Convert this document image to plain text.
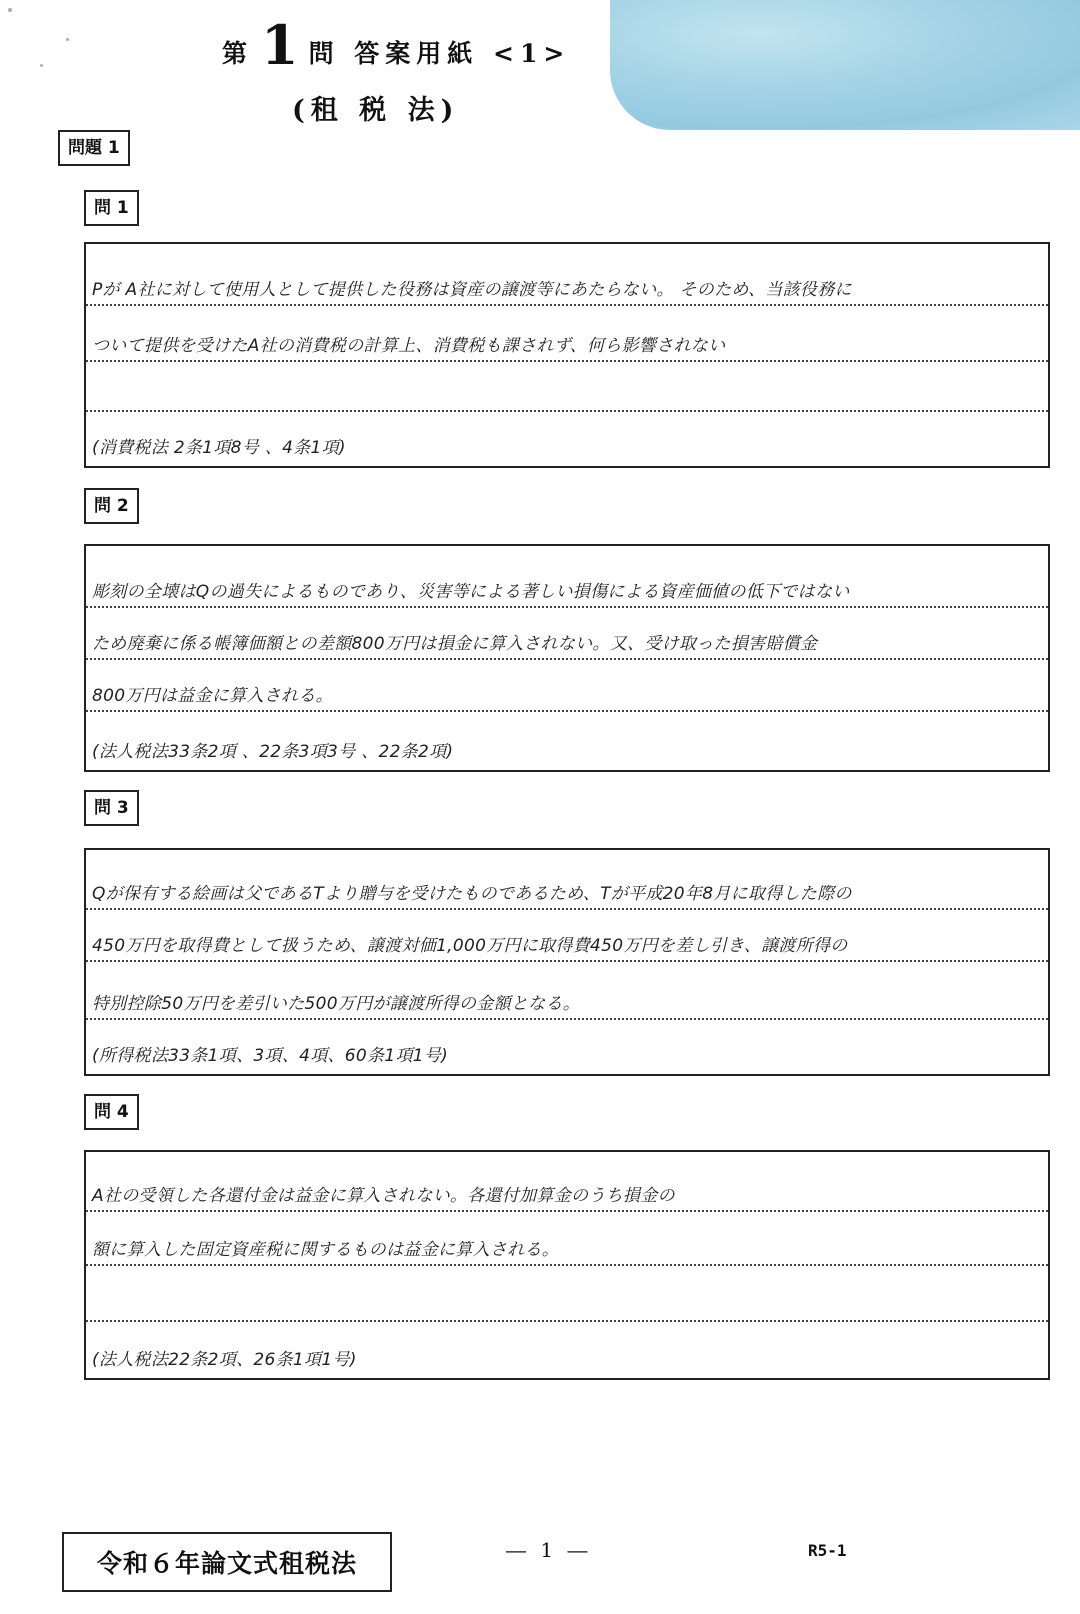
第 1 問 答案用紙 <1>
(租 税 法)
問題 1
問 1
Pが A社に対して使用人として提供した役務は資産の譲渡等にあたらない。 そのため、当該役務に
ついて提供を受けたA社の消費税の計算上、消費税も課されず、何ら影響されない
(消費税法 2条1項8号 、4条1項)
問 2
彫刻の全壊はQの過失によるものであり、災害等による著しい損傷による資産価値の低下ではない
ため廃棄に係る帳簿価額との差額800万円は損金に算入されない。又、受け取った損害賠償金
800万円は益金に算入される。
(法人税法33条2項 、22条3項3号 、22条2項)
問 3
Qが保有する絵画は父であるTより贈与を受けたものであるため、Tが平成20年8月に取得した際の
450万円を取得費として扱うため、譲渡対価1,000万円に取得費450万円を差し引き、譲渡所得の
特別控除50万円を差引いた500万円が譲渡所得の金額となる。
(所得税法33条1項、3項、4項、60条1項1号)
問 4
A社の受領した各還付金は益金に算入されない。各還付加算金のうち損金の
額に算入した固定資産税に関するものは益金に算入される。
(法人税法22条2項、26条1項1号)
令和６年論文式租税法	― 1 ―	R5-1
